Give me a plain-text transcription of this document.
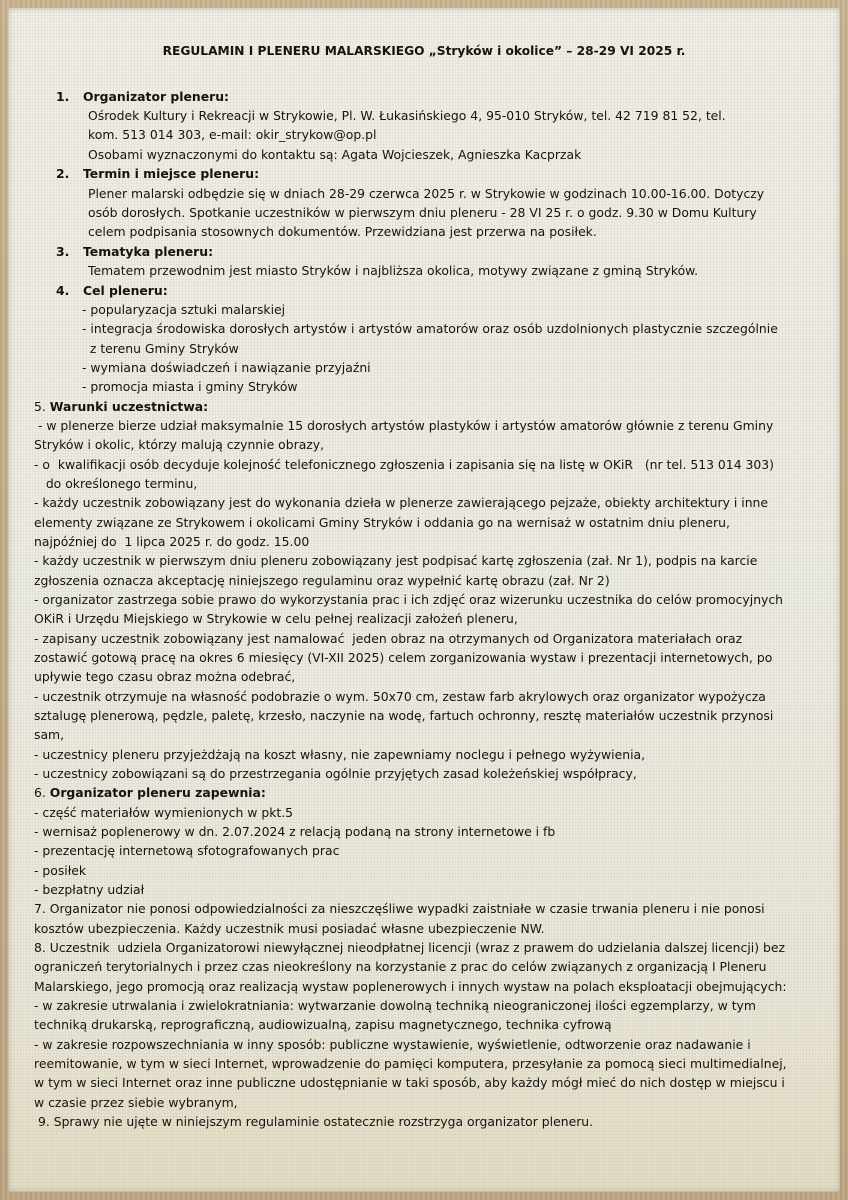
REGULAMIN I PLENERU MALARSKIEGO „Stryków i okolice” – 28-29 VI 2025 r.
1. Organizator pleneru:
Ośrodek Kultury i Rekreacji w Strykowie, Pl. W. Łukasińskiego 4, 95-010 Stryków, tel. 42 719 81 52, tel.
kom. 513 014 303, e-mail: okir_strykow@op.pl
Osobami wyznaczonymi do kontaktu są: Agata Wojcieszek, Agnieszka Kacprzak
2. Termin i miejsce pleneru:
Plener malarski odbędzie się w dniach 28-29 czerwca 2025 r. w Strykowie w godzinach 10.00-16.00. Dotyczy
osób dorosłych. Spotkanie uczestników w pierwszym dniu pleneru - 28 VI 25 r. o godz. 9.30 w Domu Kultury
celem podpisania stosownych dokumentów. Przewidziana jest przerwa na posiłek.
3. Tematyka pleneru:
Tematem przewodnim jest miasto Stryków i najbliższa okolica, motywy związane z gminą Stryków.
4. Cel pleneru:
- popularyzacja sztuki malarskiej
- integracja środowiska dorosłych artystów i artystów amatorów oraz osób uzdolnionych plastycznie szczególnie
z terenu Gminy Stryków
- wymiana doświadczeń i nawiązanie przyjaźni
- promocja miasta i gminy Stryków
5. Warunki uczestnictwa:
- w plenerze bierze udział maksymalnie 15 dorosłych artystów plastyków i artystów amatorów głównie z terenu Gminy
Stryków i okolic, którzy malują czynnie obrazy,
- o  kwalifikacji osób decyduje kolejność telefonicznego zgłoszenia i zapisania się na listę w OKiR   (nr tel. 513 014 303)
do określonego terminu,
- każdy uczestnik zobowiązany jest do wykonania dzieła w plenerze zawierającego pejzaże, obiekty architektury i inne
elementy związane ze Strykowem i okolicami Gminy Stryków i oddania go na wernisaż w ostatnim dniu pleneru,
najpóźniej do  1 lipca 2025 r. do godz. 15.00
- każdy uczestnik w pierwszym dniu pleneru zobowiązany jest podpisać kartę zgłoszenia (zał. Nr 1), podpis na karcie
zgłoszenia oznacza akceptację niniejszego regulaminu oraz wypełnić kartę obrazu (zał. Nr 2)
- organizator zastrzega sobie prawo do wykorzystania prac i ich zdjęć oraz wizerunku uczestnika do celów promocyjnych
OKiR i Urzędu Miejskiego w Strykowie w celu pełnej realizacji założeń pleneru,
- zapisany uczestnik zobowiązany jest namalować  jeden obraz na otrzymanych od Organizatora materiałach oraz
zostawić gotową pracę na okres 6 miesięcy (VI-XII 2025) celem zorganizowania wystaw i prezentacji internetowych, po
upływie tego czasu obraz można odebrać,
- uczestnik otrzymuje na własność podobrazie o wym. 50x70 cm, zestaw farb akrylowych oraz organizator wypożycza
sztalugę plenerową, pędzle, paletę, krzesło, naczynie na wodę, fartuch ochronny, resztę materiałów uczestnik przynosi
sam,
- uczestnicy pleneru przyjeżdżają na koszt własny, nie zapewniamy noclegu i pełnego wyżywienia,
- uczestnicy zobowiązani są do przestrzegania ogólnie przyjętych zasad koleżeńskiej współpracy,
6. Organizator pleneru zapewnia:
- część materiałów wymienionych w pkt.5
- wernisaż poplenerowy w dn. 2.07.2024 z relacją podaną na strony internetowe i fb
- prezentację internetową sfotografowanych prac
- posiłek
- bezpłatny udział
7. Organizator nie ponosi odpowiedzialności za nieszczęśliwe wypadki zaistniałe w czasie trwania pleneru i nie ponosi
kosztów ubezpieczenia. Każdy uczestnik musi posiadać własne ubezpieczenie NW.
8. Uczestnik  udziela Organizatorowi niewyłącznej nieodpłatnej licencji (wraz z prawem do udzielania dalszej licencji) bez
ograniczeń terytorialnych i przez czas nieokreślony na korzystanie z prac do celów związanych z organizacją I Pleneru
Malarskiego, jego promocją oraz realizacją wystaw poplenerowych i innych wystaw na polach eksploatacji obejmujących:
- w zakresie utrwalania i zwielokratniania: wytwarzanie dowolną techniką nieograniczonej ilości egzemplarzy, w tym
techniką drukarską, reprograficzną, audiowizualną, zapisu magnetycznego, technika cyfrową
- w zakresie rozpowszechniania w inny sposób: publiczne wystawienie, wyświetlenie, odtworzenie oraz nadawanie i
reemitowanie, w tym w sieci Internet, wprowadzenie do pamięci komputera, przesyłanie za pomocą sieci multimedialnej,
w tym w sieci Internet oraz inne publiczne udostępnianie w taki sposób, aby każdy mógł mieć do nich dostęp w miejscu i
w czasie przez siebie wybranym,
9. Sprawy nie ujęte w niniejszym regulaminie ostatecznie rozstrzyga organizator pleneru.
